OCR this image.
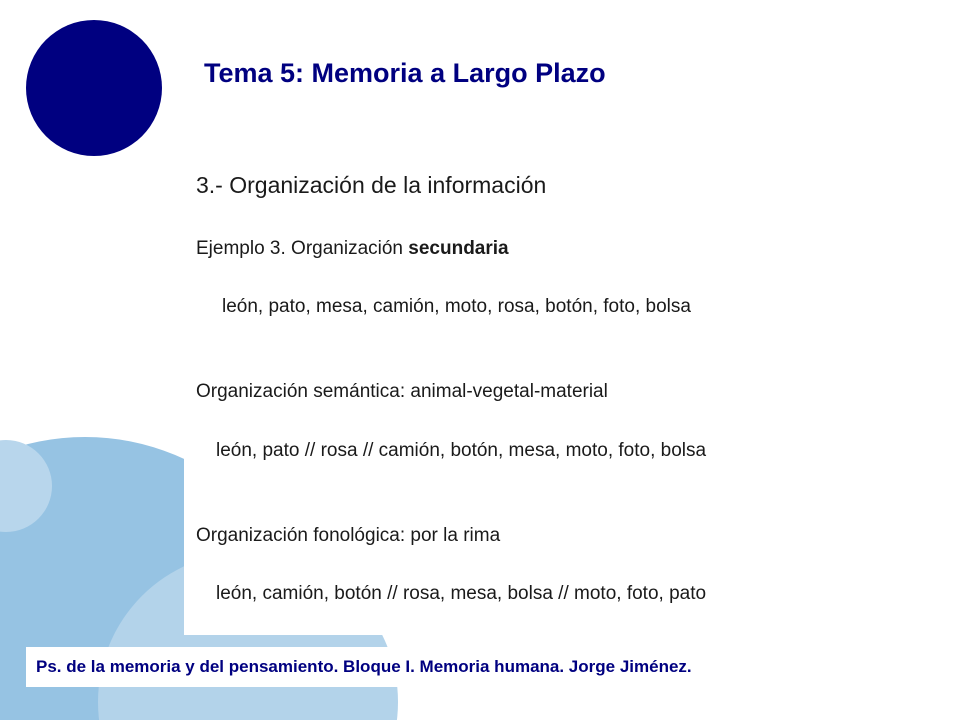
Tema 5: Memoria a Largo Plazo
3.- Organización de la información
Ejemplo 3. Organización secundaria
león, pato, mesa, camión, moto, rosa, botón, foto, bolsa
Organización semántica: animal-vegetal-material
león, pato // rosa // camión, botón, mesa, moto, foto, bolsa
Organización fonológica: por la rima
león, camión, botón // rosa, mesa, bolsa // moto, foto, pato
Ps. de la memoria y del pensamiento. Bloque I. Memoria humana. Jorge Jiménez.
